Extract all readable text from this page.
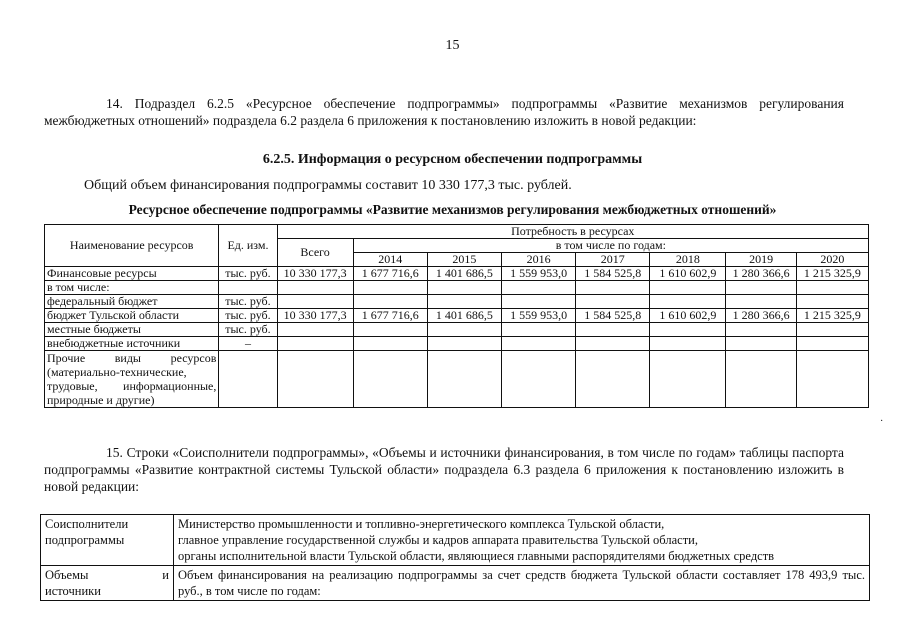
15
14. Подраздел 6.2.5 «Ресурсное обеспечение подпрограммы» подпрограммы «Развитие механизмов регулирования межбюджетных отношений» подраздела 6.2 раздела 6 приложения к постановлению изложить в новой редакции:
6.2.5. Информация о ресурсном обеспечении подпрограммы
Общий объем финансирования подпрограммы составит 10 330 177,3 тыс. рублей.
Ресурсное обеспечение подпрограммы «Развитие механизмов регулирования межбюджетных отношений»
Наименование ресурсов	Ед. изм.	Потребность в ресурсах							
		Всего	в том числе по годам:						
			2014	2015	2016	2017	2018	2019	2020
Финансовые ресурсы	тыс. руб.	10 330 177,3	1 677 716,6	1 401 686,5	1 559 953,0	1 584 525,8	1 610 602,9	1 280 366,6	1 215 325,9
в том числе:									
федеральный бюджет	тыс. руб.								
бюджет Тульской области	тыс. руб.	10 330 177,3	1 677 716,6	1 401 686,5	1 559 953,0	1 584 525,8	1 610 602,9	1 280 366,6	1 215 325,9
местные бюджеты	тыс. руб.								
внебюджетные источники	–								
Прочие виды ресурсов (материально-технические, трудовые, информационные, природные и другие)									
·
15. Строки «Соисполнители подпрограммы», «Объемы и источники финансирования, в том числе по годам» таблицы паспорта подпрограммы «Развитие контрактной системы Тульской области» подраздела 6.3 раздела 6 приложения к постановлению изложить в новой редакции:
Соисполнители подпрограммы	Министерство промышленности и топливно-энергетического комплекса Тульской области,
главное управление государственной службы и кадров аппарата правительства Тульской области,
органы исполнительной власти Тульской области, являющиеся главными распорядителями бюджетных средств

Объемы и
источники	Объем финансирования на реализацию подпрограммы за счет средств бюджета Тульской области составляет 178 493,9 тыс. руб., в том числе по годам:
